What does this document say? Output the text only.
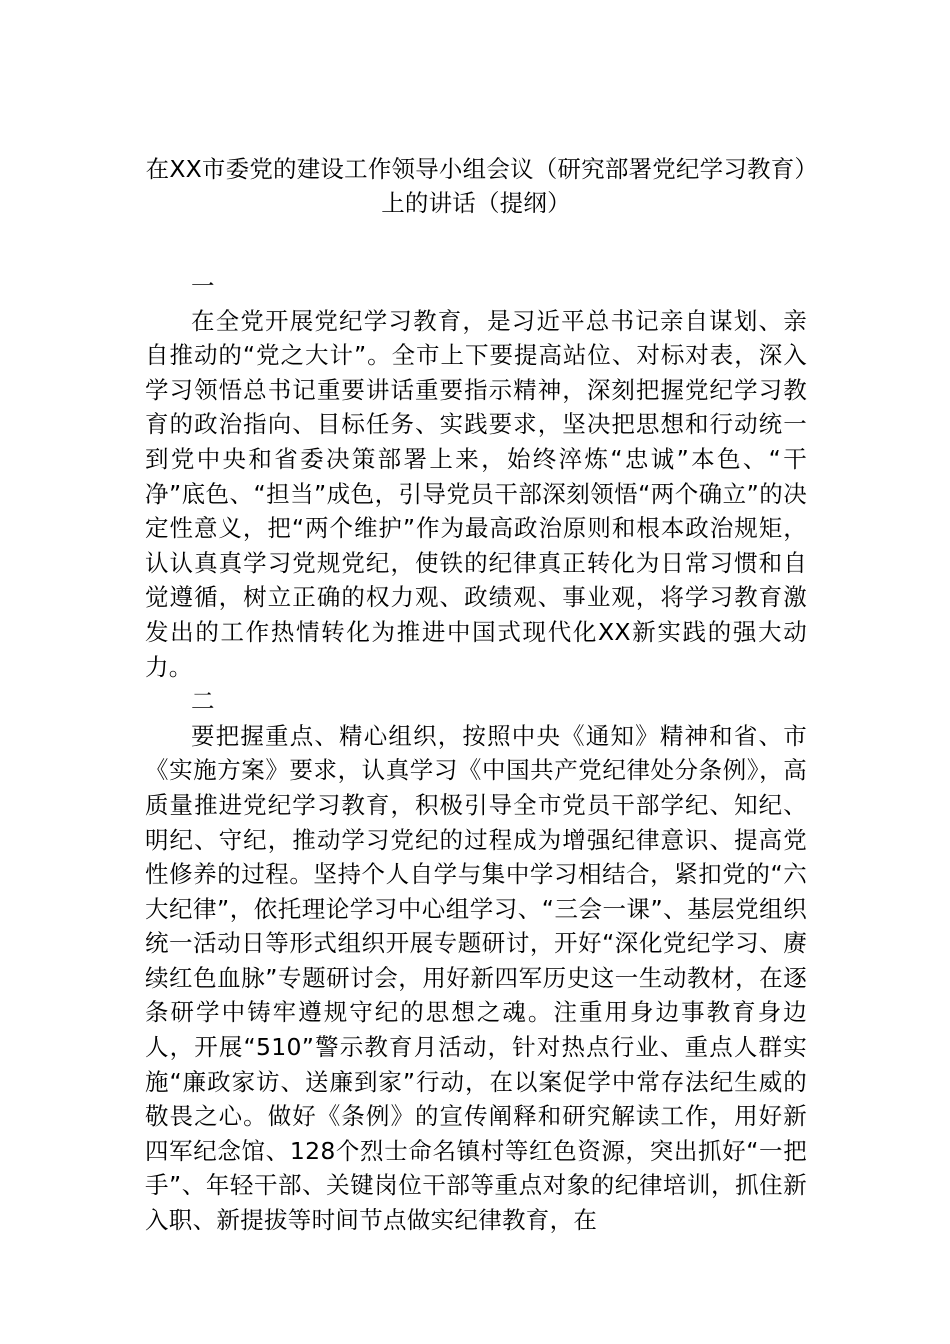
在XX市委党的建设工作领导小组会议（研究部署党纪学习教育）上的讲话（提纲）

一

在全党开展党纪学习教育，是习近平总书记亲自谋划、亲自推动的“党之大计”。全市上下要提高站位、对标对表，深入学习领悟总书记重要讲话重要指示精神，深刻把握党纪学习教育的政治指向、目标任务、实践要求，坚决把思想和行动统一到党中央和省委决策部署上来，始终淬炼“忠诚”本色、“干净”底色、“担当”成色，引导党员干部深刻领悟“两个确立”的决定性意义，把“两个维护”作为最高政治原则和根本政治规矩，认认真真学习党规党纪，使铁的纪律真正转化为日常习惯和自觉遵循，树立正确的权力观、政绩观、事业观，将学习教育激发出的工作热情转化为推进中国式现代化XX新实践的强大动力。

二

要把握重点、精心组织，按照中央《通知》精神和省、市《实施方案》要求，认真学习《中国共产党纪律处分条例》，高质量推进党纪学习教育，积极引导全市党员干部学纪、知纪、明纪、守纪，推动学习党纪的过程成为增强纪律意识、提高党性修养的过程。坚持个人自学与集中学习相结合，紧扣党的“六大纪律”，依托理论学习中心组学习、“三会一课”、基层党组织统一活动日等形式组织开展专题研讨，开好“深化党纪学习、赓续红色血脉”专题研讨会，用好新四军历史这一生动教材，在逐条研学中铸牢遵规守纪的思想之魂。注重用身边事教育身边人，开展“510”警示教育月活动，针对热点行业、重点人群实施“廉政家访、送廉到家”行动，在以案促学中常存法纪生威的敬畏之心。做好《条例》的宣传阐释和研究解读工作，用好新四军纪念馆、128个烈士命名镇村等红色资源，突出抓好“一把手”、年轻干部、关键岗位干部等重点对象的纪律培训，抓住新入职、新提拔等时间节点做实纪律教育，在
